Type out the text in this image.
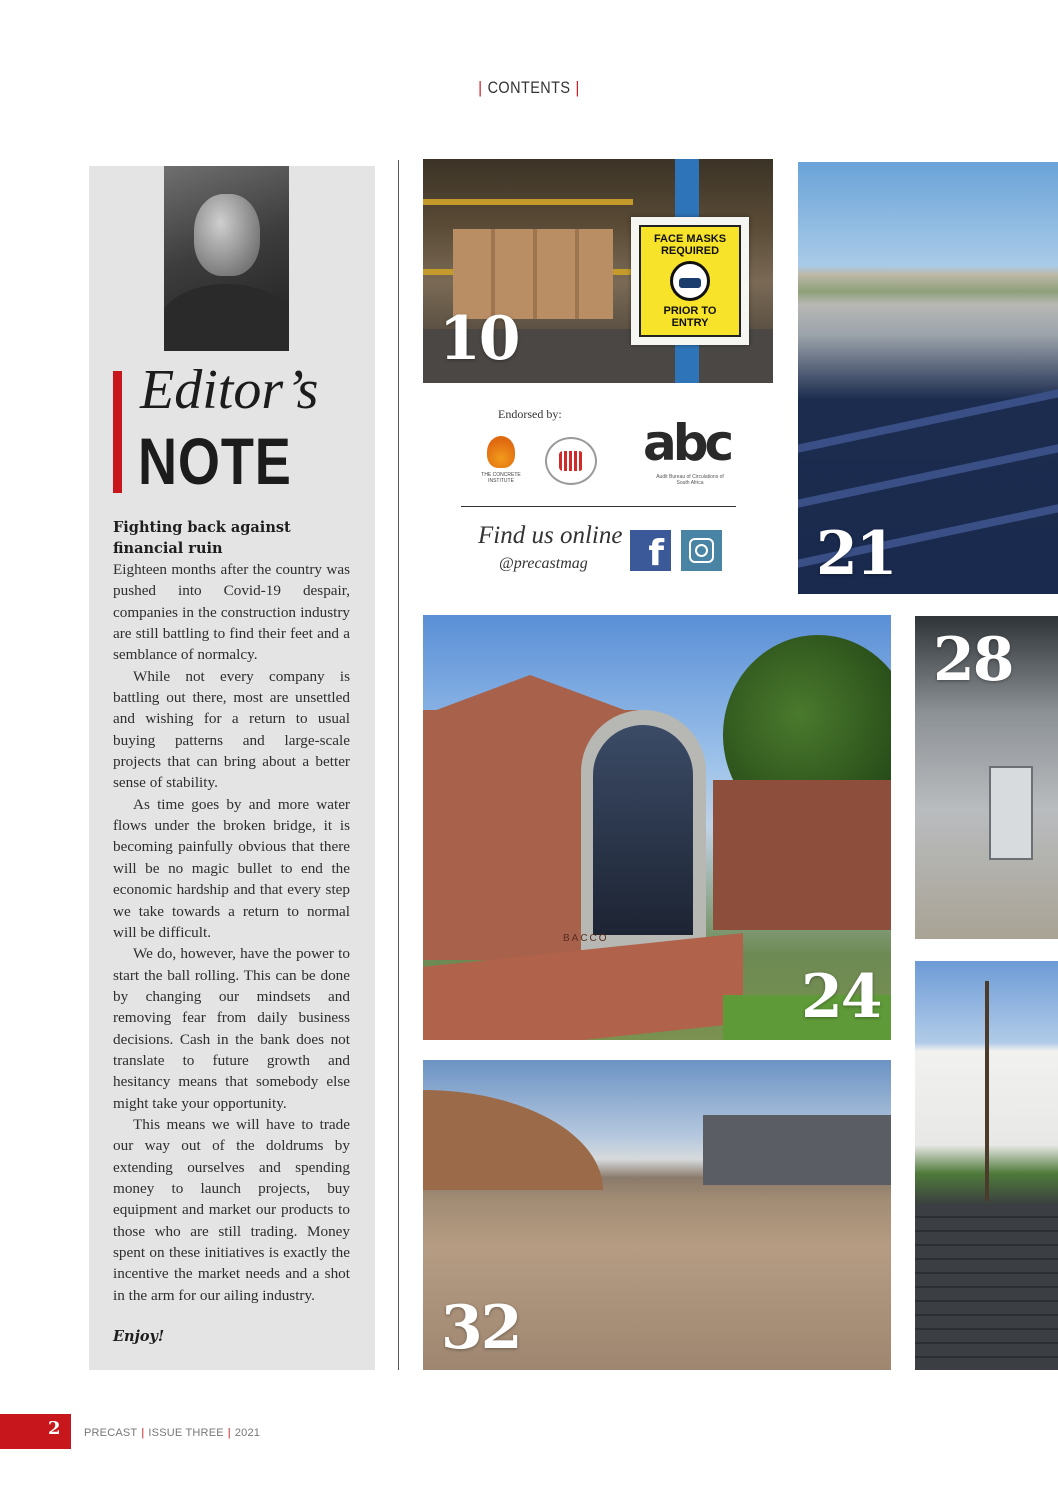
| CONTENTS |
Editor’s
NOTE
Fighting back against financial ruin

Eighteen months after the country was pushed into Covid-19 despair, companies in the construction industry are still battling to find their feet and a semblance of normalcy.

While not every company is battling out there, most are unsettled and wishing for a return to usual buying patterns and large-scale projects that can bring about a better sense of stability.

As time goes by and more water flows under the broken bridge, it is becoming painfully obvious that there will be no magic bullet to end the economic hardship and that every step we take towards a return to normal will be difficult.

We do, however, have the power to start the ball rolling. This can be done by changing our mindsets and removing fear from daily business decisions. Cash in the bank does not translate to future growth and hesitancy means that somebody else might take your opportunity.

This means we will have to trade our way out of the doldrums by extending ourselves and spending money to launch projects, buy equipment and market our products to those who are still trading. Money spent on these initiatives is exactly the incentive the market needs and a shot in the arm for our ailing industry.

Enjoy!
FACE MASKS
REQUIRED
PRIOR TO
ENTRY
10
21
Endorsed by:
THE CONCRETE INSTITUTE
abc
Audit Bureau of Circulations of South Africa
Find us online
@precastmag	f
BACCO
24
28
32
2 PRECAST | ISSUE THREE | 2021
